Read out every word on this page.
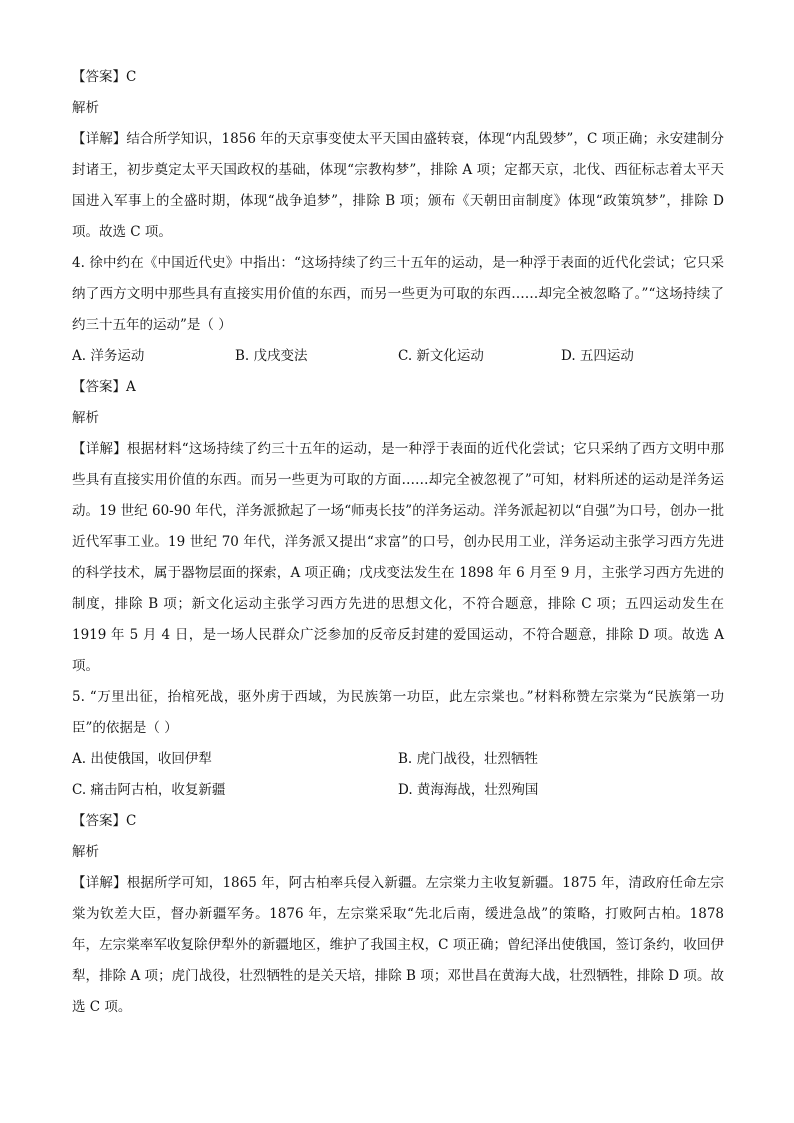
【答案】C

解析

【详解】结合所学知识，1856 年的天京事变使太平天国由盛转衰，体现“内乱毁梦”，C 项正确；永安建制分封诸王，初步奠定太平天国政权的基础，体现“宗教构梦”，排除 A 项；定都天京，北伐、西征标志着太平天国进入军事上的全盛时期，体现“战争追梦”，排除 B 项；颁布《天朝田亩制度》体现“政策筑梦”，排除 D 项。故选 C 项。

4. 徐中约在《中国近代史》中指出：“这场持续了约三十五年的运动，是一种浮于表面的近代化尝试；它只采纳了西方文明中那些具有直接实用价值的东西，而另一些更为可取的东西……却完全被忽略了。”“这场持续了约三十五年的运动”是（ ）

A. 洋务运动	B. 戊戌变法	C. 新文化运动	D. 五四运动

【答案】A

解析

【详解】根据材料“这场持续了约三十五年的运动，是一种浮于表面的近代化尝试；它只采纳了西方文明中那些具有直接实用价值的东西。而另一些更为可取的方面……却完全被忽视了”可知，材料所述的运动是洋务运动。19 世纪 60-90 年代，洋务派掀起了一场“师夷长技”的洋务运动。洋务派起初以“自强”为口号，创办一批近代军事工业。19 世纪 70 年代，洋务派又提出“求富”的口号，创办民用工业，洋务运动主张学习西方先进的科学技术，属于器物层面的探索，A 项正确；戊戌变法发生在 1898 年 6 月至 9 月，主张学习西方先进的制度，排除 B 项；新文化运动主张学习西方先进的思想文化，不符合题意，排除 C 项；五四运动发生在 1919 年 5 月 4 日，是一场人民群众广泛参加的反帝反封建的爱国运动，不符合题意，排除 D 项。故选 A 项。

5. “万里出征，抬棺死战，驱外虏于西域，为民族第一功臣，此左宗棠也。”材料称赞左宗棠为“民族第一功臣”的依据是（ ）

A. 出使俄国，收回伊犁	B. 虎门战役，壮烈牺牲
C. 痛击阿古柏，收复新疆	D. 黄海海战，壮烈殉国

【答案】C

解析

【详解】根据所学可知，1865 年，阿古柏率兵侵入新疆。左宗棠力主收复新疆。1875 年，清政府任命左宗棠为钦差大臣，督办新疆军务。1876 年，左宗棠采取“先北后南，缓进急战”的策略，打败阿古柏。1878 年，左宗棠率军收复除伊犁外的新疆地区，维护了我国主权，C 项正确；曾纪泽出使俄国，签订条约，收回伊犁，排除 A 项；虎门战役，壮烈牺牲的是关天培，排除 B 项；邓世昌在黄海大战，壮烈牺牲，排除 D 项。故选 C 项。
